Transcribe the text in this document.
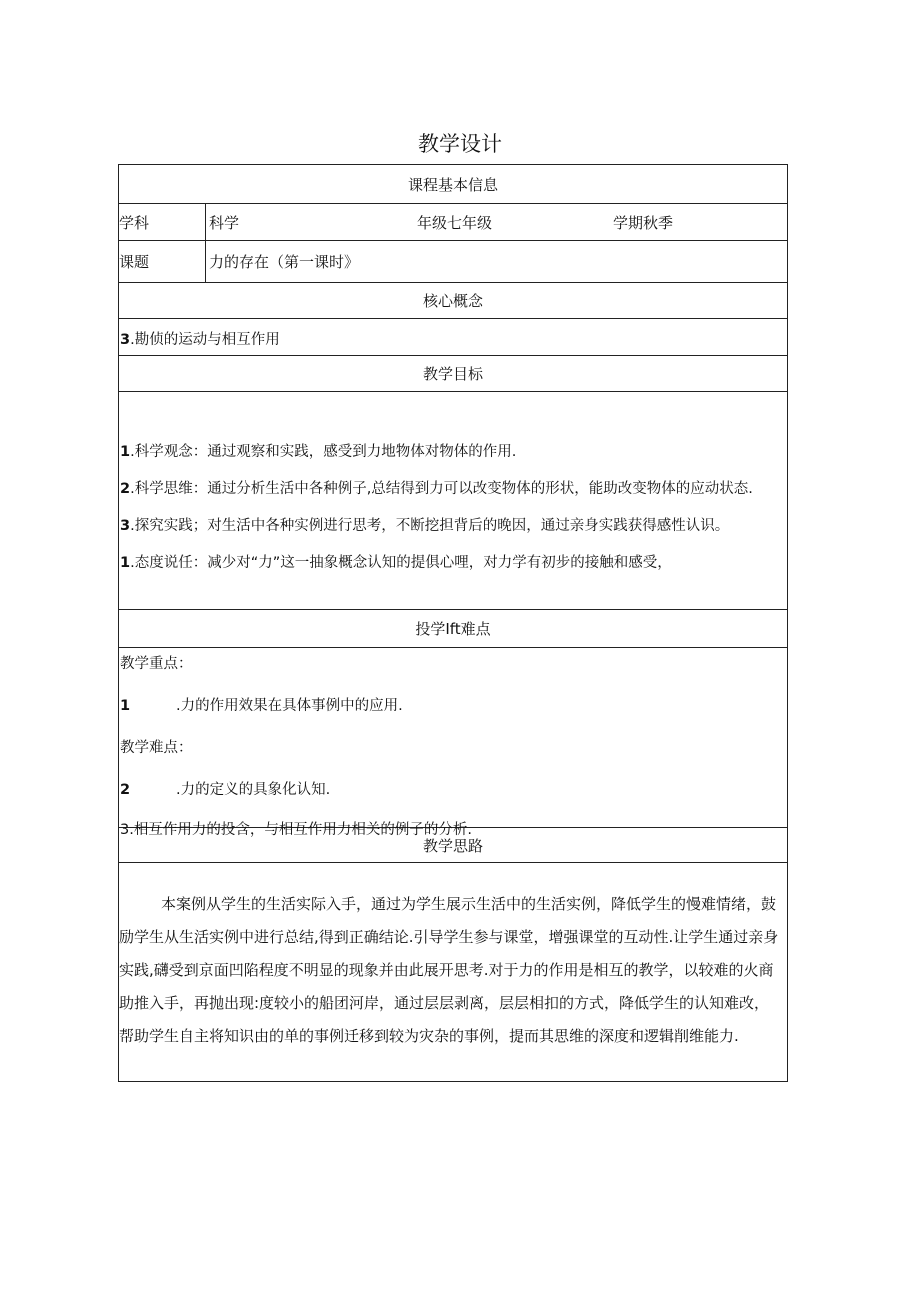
教学设计
课程基本信息
学科	科学	年级七年级	学期秋季
课题	力的存在（第一课时》
核心概念
3.勘侦的运动与相互作用
教学目标
1.科学观念：通过观察和实践，感受到力地物体对物体的作用.
2.科学思维：通过分析生活中各种例子,总结得到力可以改变物体的形状，能助改变物体的应动状态.
3.探究实践；对生活中各种实例进行思考，不断挖担背后的晚因，通过亲身实践获得感性认识。
1.态度说任：减少对“力”这一抽象概念认知的提俱心哩，对力学有初步的接触和感受，
投学Ift难点
教学重点：
1	.力的作用效果在具体事例中的应用.
教学难点：
2	.力的定义的具象化认知.
3.相互作用力的投含，与相互作用力相关的例子的分析.
教学思路
本案例从学生的生活实际入手，通过为学生展示生活中的生活实例，降低学生的慢难情绪，鼓
励学生从生活实例中进行总结,得到正确结论.引导学生参与课堂，增强课堂的互动性.让学生通过亲身
实践,礴受到京面凹陷程度不明显的现象并由此展开思考.对于力的作用是相互的教学，以较难的火商
助推入手，再抛出现:度较小的船团河岸，通过层层剥离，层层相扣的方式，降低学生的认知难改，
帮助学生自主将知识由的单的事例迁移到较为灾杂的事例，提而其思维的深度和逻辑削维能力.
